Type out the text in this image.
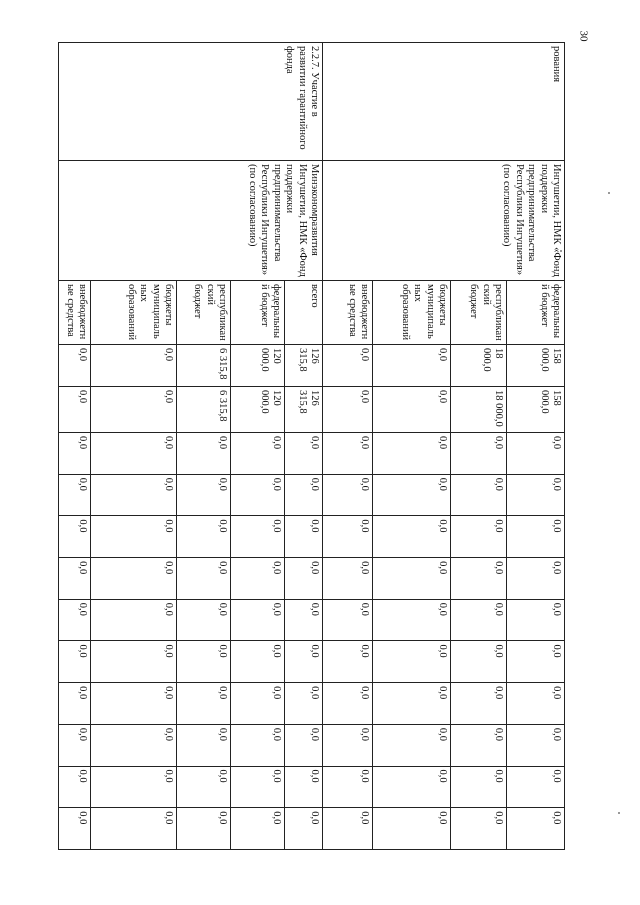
30
рования	Ингушетии, НМК «Фонд поддержки предпринимательства Республики Ингушетия» (по согласованию)	федеральный бюджет	158 000,0	158 000,0	0,0	0,0	0,0	0,0	0,0	0,0	0,0	0,0	0,0	0,0
		республиканский бюджет	18 000,0	18 000,0	0,0	0,0	0,0	0,0	0,0	0,0	0,0	0,0	0,0	0,0
		бюджеты муниципальных образований	0,0	0,0	0,0	0,0	0,0	0,0	0,0	0,0	0,0	0,0	0,0	0,0
		внебюджетные средства	0,0	0,0	0,0	0,0	0,0	0,0	0,0	0,0	0,0	0,0	0,0	0,0
2.2.7. Участие в развитии гарантийного фонда	Минэкономразвития Ингушетии, НМК «Фонд поддержки предпринимательства Республики Ингушетия» (по согласованию)	всего	126 315,8	126 315,8	0,0	0,0	0,0	0,0	0,0	0,0	0,0	0,0	0,0	0,0
		федеральный бюджет	120 000,0	120 000,0	0,0	0,0	0,0	0,0	0,0	0,0	0,0	0,0	0,0	0,0
		республиканский бюджет	6 315,8	6 315,8	0,0	0,0	0,0	0,0	0,0	0,0	0,0	0,0	0,0	0,0
		бюджеты муниципальных образований	0,0	0,0	0,0	0,0	0,0	0,0	0,0	0,0	0,0	0,0	0,0	0,0
		внебюджетные средства	0,0	0,0	0,0	0,0	0,0	0,0	0,0	0,0	0,0	0,0	0,0	0,0
